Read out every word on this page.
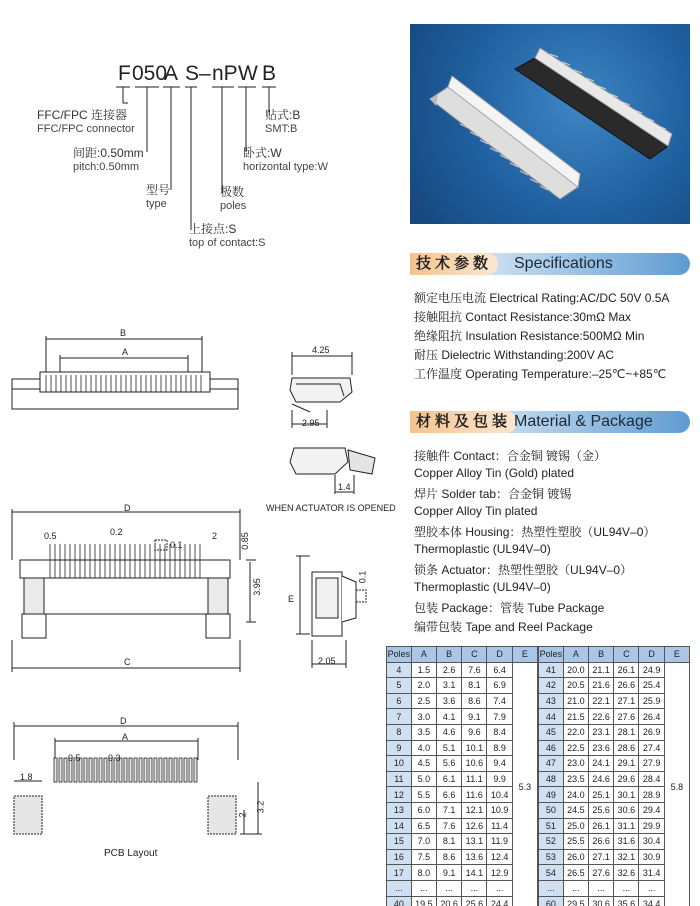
F 050
A S – nP W B
FFC/FPC 连接器
FFC/FPC connector
间距:0.50mm
pitch:0.50mm
型号
type
上接点:S
top of contact:S
极数
poles
卧式:W
horizontal type:W
贴式:B
SMT:B
技术参数	Specifications
额定电压电流 Electrical Rating:AC/DC 50V 0.5A
接触阻抗 Contact Resistance:30mΩ Max
绝缘阻抗 Insulation Resistance:500MΩ Min
耐压 Dielectric Withstanding:200V AC
工作温度 Operating Temperature:–25℃~+85℃
材料及包装 Material & Package
接触件 Contact：合金铜 镀锡（金）
Copper Alloy Tin (Gold) plated
焊片 Solder tab：合金铜 镀锡
Copper Alloy Tin plated
塑胶本体 Housing：热塑性塑胶（UL94V–0）
Thermoplastic (UL94V–0)
锁条 Actuator：热塑性塑胶（UL94V–0）
Thermoplastic (UL94V–0)
包装 Package：管装 Tube Package
编带包装 Tape and Reel Package
B
A	4.25
2.95
1.4
WHEN ACTUATOR IS OPENED
D
0.5	0.2
0.1
2	0.85
3.95
C
E
0.1
2.05
D
A
1.8
0.5	0.3
2
3.2
PCB Layout
Poles	A	B	C	D	E
4	1.5	2.6	7.6	6.4	5.3
5	2.0	3.1	8.1	6.9	
6	2.5	3.6	8.6	7.4	
7	3.0	4.1	9.1	7.9	
8	3.5	4.6	9.6	8.4	
9	4.0	5.1	10.1	8.9	
10	4.5	5.6	10.6	9.4	
11	5.0	6.1	11.1	9.9	
12	5.5	6.6	11.6	10.4	
13	6.0	7.1	12.1	10.9	
14	6.5	7.6	12.6	11.4	
15	7.0	8.1	13.1	11.9	
16	7.5	8.6	13.6	12.4	
17	8.0	9.1	14.1	12.9	
...	...	...	...	...	
40	19.5	20.6	25.6	24.4	
Poles	A	B	C	D	E
41	20.0	21.1	26.1	24.9	5.8
42	20.5	21.6	26.6	25.4	
43	21.0	22.1	27.1	25.9	
44	21.5	22.6	27.6	26.4	
45	22.0	23.1	28.1	26.9	
46	22.5	23.6	28.6	27.4	
47	23.0	24.1	29.1	27.9	
48	23.5	24.6	29.6	28.4	
49	24.0	25.1	30.1	28.9	
50	24.5	25.6	30.6	29.4	
51	25.0	26.1	31.1	29.9	
52	25.5	26.6	31.6	30.4	
53	26.0	27.1	32.1	30.9	
54	26.5	27.6	32.6	31.4	
...	...	...	...	...	
60	29.5	30.6	35.6	34.4	
